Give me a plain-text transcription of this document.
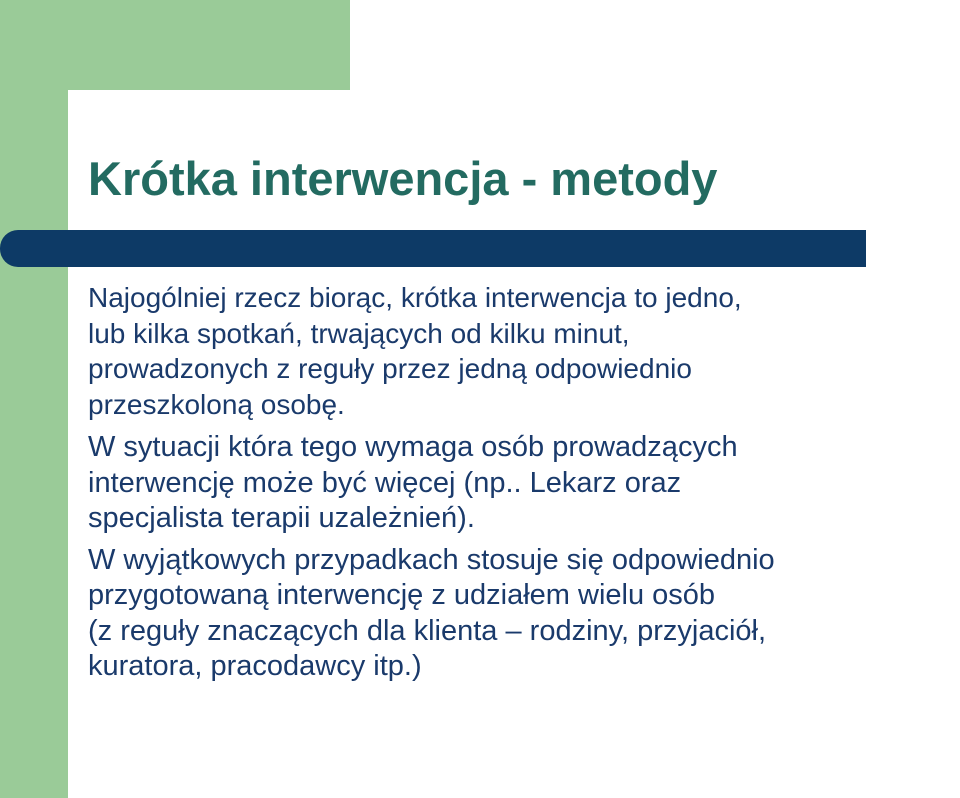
Krótka interwencja - metody

Najogólniej rzecz biorąc, krótka interwencja to jedno,
lub kilka spotkań, trwających od kilku minut,
prowadzonych z reguły przez jedną odpowiednio
przeszkoloną osobę.

W sytuacji która tego wymaga osób prowadzących
interwencję może być więcej (np.. Lekarz oraz
specjalista terapii uzależnień).

W wyjątkowych przypadkach stosuje się odpowiednio
przygotowaną interwencję z udziałem wielu osób
(z reguły znaczących dla klienta – rodziny, przyjaciół,
kuratora, pracodawcy itp.)
